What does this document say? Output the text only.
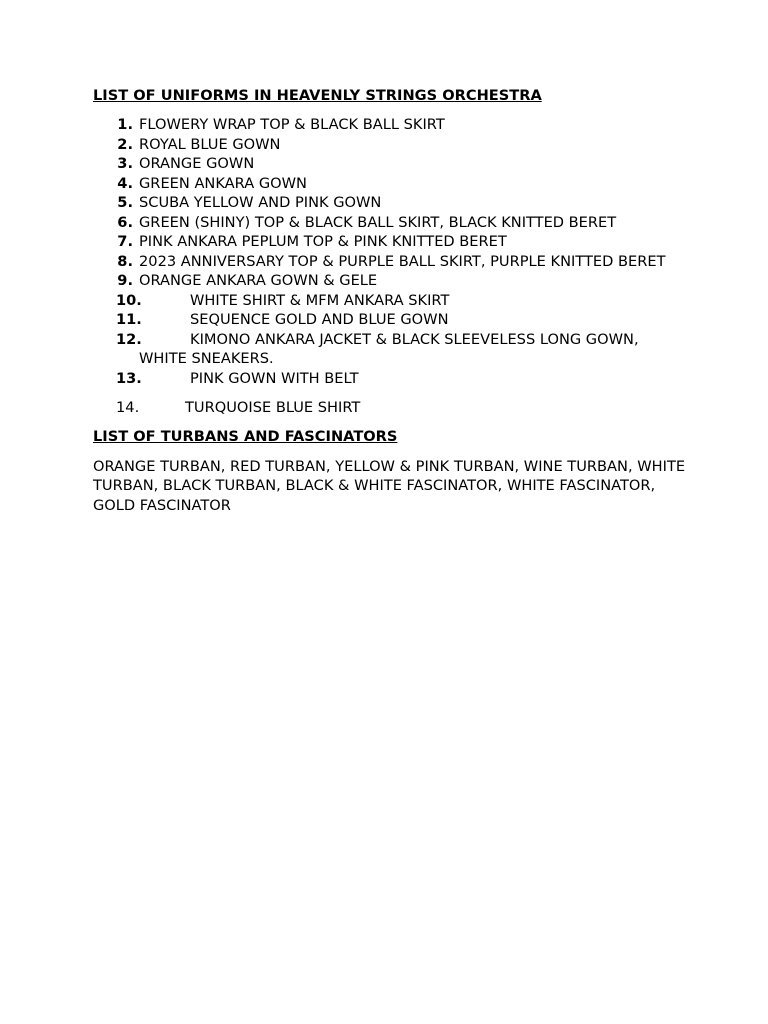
LIST OF UNIFORMS IN HEAVENLY STRINGS ORCHESTRA
1. FLOWERY WRAP TOP & BLACK BALL SKIRT
2. ROYAL BLUE GOWN
3. ORANGE GOWN
4. GREEN ANKARA GOWN
5. SCUBA YELLOW AND PINK GOWN
6. GREEN (SHINY) TOP & BLACK BALL SKIRT, BLACK KNITTED BERET
7. PINK ANKARA PEPLUM TOP & PINK KNITTED BERET
8. 2023 ANNIVERSARY TOP & PURPLE BALL SKIRT, PURPLE KNITTED BERET
9. ORANGE ANKARA GOWN & GELE
10.	WHITE SHIRT & MFM ANKARA SKIRT
11.	SEQUENCE GOLD AND BLUE GOWN
12.	KIMONO ANKARA JACKET & BLACK SLEEVELESS LONG GOWN,
WHITE SNEAKERS.
13.	PINK GOWN WITH BELT
14.	TURQUOISE BLUE SHIRT
LIST OF TURBANS AND FASCINATORS

ORANGE TURBAN, RED TURBAN, YELLOW & PINK TURBAN, WINE TURBAN, WHITE TURBAN, BLACK TURBAN, BLACK & WHITE FASCINATOR, WHITE FASCINATOR, GOLD FASCINATOR
